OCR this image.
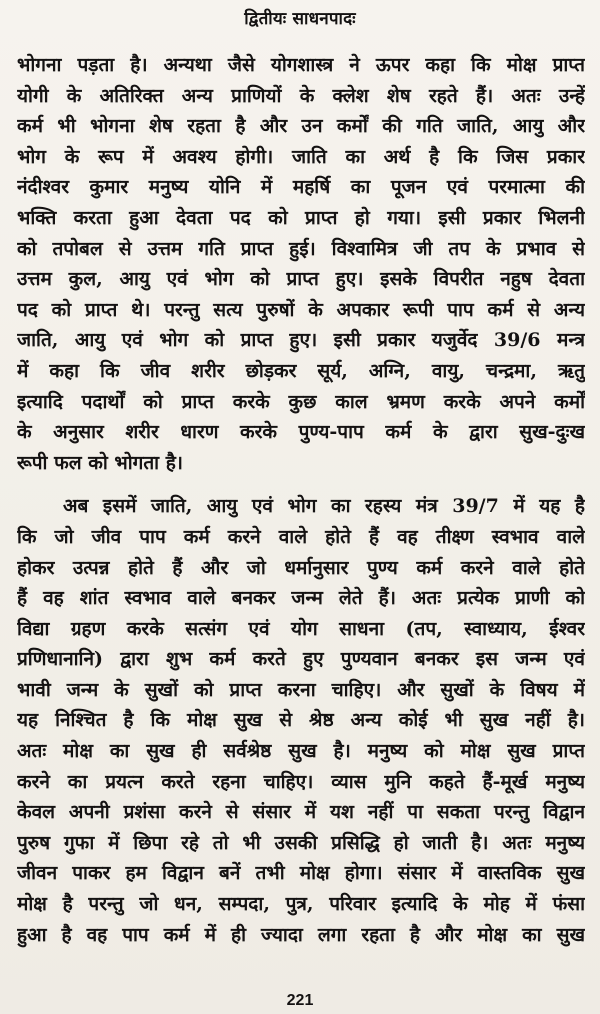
द्वितीयः साधनपादः
भोगना पड़ता है। अन्यथा जैसे योगशास्त्र ने ऊपर कहा कि मोक्ष प्राप्त
योगी के अतिरिक्त अन्य प्राणियों के क्लेश शेष रहते हैं। अतः उन्हें
कर्म भी भोगना शेष रहता है और उन कर्मों की गति जाति, आयु और
भोग के रूप में अवश्य होगी। जाति का अर्थ है कि जिस प्रकार
नंदीश्वर कुमार मनुष्य योनि में महर्षि का पूजन एवं परमात्मा की
भक्ति करता हुआ देवता पद को प्राप्त हो गया। इसी प्रकार भिलनी
को तपोबल से उत्तम गति प्राप्त हुई। विश्वामित्र जी तप के प्रभाव से
उत्तम कुल, आयु एवं भोग को प्राप्त हुए। इसके विपरीत नहुष देवता
पद को प्राप्त थे। परन्तु सत्य पुरुषों के अपकार रूपी पाप कर्म से अन्य
जाति, आयु एवं भोग को प्राप्त हुए। इसी प्रकार यजुर्वेद 39/6 मन्त्र
में कहा कि जीव शरीर छोड़कर सूर्य, अग्नि, वायु, चन्द्रमा, ऋतु
इत्यादि पदार्थों को प्राप्त करके कुछ काल भ्रमण करके अपने कर्मों
के अनुसार शरीर धारण करके पुण्य-पाप कर्म के द्वारा सुख-दुःख
रूपी फल को भोगता है।
अब इसमें जाति, आयु एवं भोग का रहस्य मंत्र 39/7 में यह है
कि जो जीव पाप कर्म करने वाले होते हैं वह तीक्ष्ण स्वभाव वाले
होकर उत्पन्न होते हैं और जो धर्मानुसार पुण्य कर्म करने वाले होते
हैं वह शांत स्वभाव वाले बनकर जन्म लेते हैं। अतः प्रत्येक प्राणी को
विद्या ग्रहण करके सत्संग एवं योग साधना (तप, स्वाध्याय, ईश्वर
प्रणिधानानि) द्वारा शुभ कर्म करते हुए पुण्यवान बनकर इस जन्म एवं
भावी जन्म के सुखों को प्राप्त करना चाहिए। और सुखों के विषय में
यह निश्चित है कि मोक्ष सुख से श्रेष्ठ अन्य कोई भी सुख नहीं है।
अतः मोक्ष का सुख ही सर्वश्रेष्ठ सुख है। मनुष्य को मोक्ष सुख प्राप्त
करने का प्रयत्न करते रहना चाहिए। व्यास मुनि कहते हैं-मूर्ख मनुष्य
केवल अपनी प्रशंसा करने से संसार में यश नहीं पा सकता परन्तु विद्वान
पुरुष गुफा में छिपा रहे तो भी उसकी प्रसिद्धि हो जाती है। अतः मनुष्य
जीवन पाकर हम विद्वान बनें तभी मोक्ष होगा। संसार में वास्तविक सुख
मोक्ष है परन्तु जो धन, सम्पदा, पुत्र, परिवार इत्यादि के मोह में फंसा
हुआ है वह पाप कर्म में ही ज्यादा लगा रहता है और मोक्ष का सुख
221
